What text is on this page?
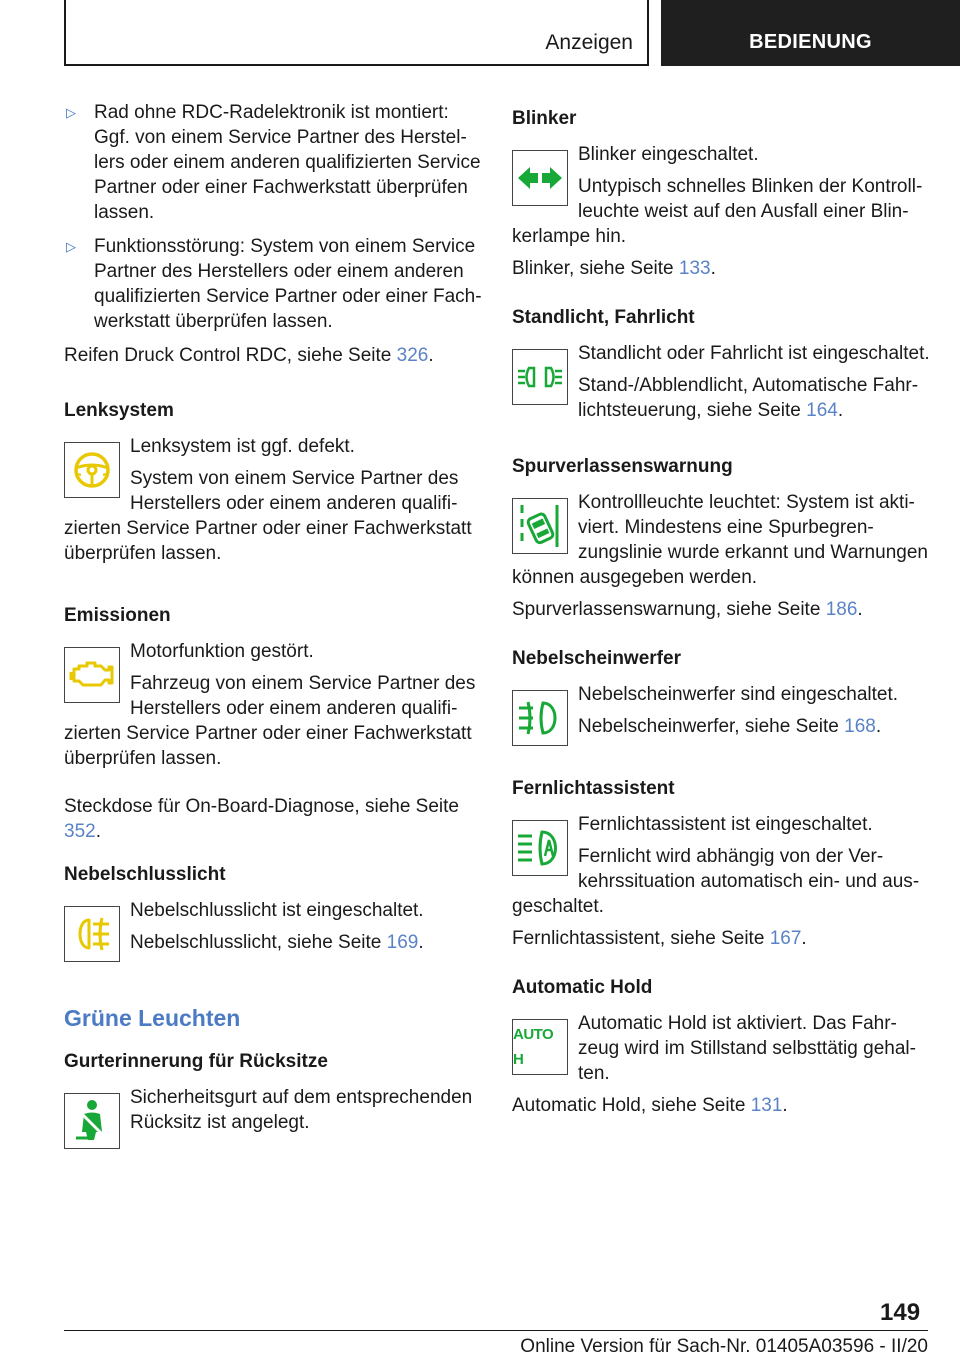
Anzeigen	BEDIENUNG
▷ Rad ohne RDC-Radelektronik ist montiert: Ggf. von einem Service Partner des Herstellers oder einem anderen qualifizierten Service Partner oder einer Fachwerkstatt überprüfen lassen.
▷ Funktionsstörung: System von einem Service Partner des Herstellers oder einem anderen qualifizierten Service Partner oder einer Fachwerkstatt überprüfen lassen.

Reifen Druck Control RDC, siehe Seite 326.

Lenksystem

Lenksystem ist ggf. defekt.

System von einem Service Partner des Herstellers oder einem anderen qualifizierten Service Partner oder einer Fachwerkstatt überprüfen lassen.

Emissionen

Motorfunktion gestört.

Fahrzeug von einem Service Partner des Herstellers oder einem anderen qualifizierten Service Partner oder einer Fachwerkstatt überprüfen lassen.

Steckdose für On-Board-Diagnose, siehe Seite 352.

Nebelschlusslicht

Nebelschlusslicht ist eingeschaltet.

Nebelschlusslicht, siehe Seite 169.

Grüne Leuchten
Gurterinnerung für Rücksitze

Sicherheitsgurt auf dem entsprechenden Rücksitz ist angelegt.

Blinker

Blinker eingeschaltet.

Untypisch schnelles Blinken der Kontrollleuchte weist auf den Ausfall einer Blinkerlampe hin.

Blinker, siehe Seite 133.

Standlicht, Fahrlicht

Standlicht oder Fahrlicht ist eingeschaltet.

Stand-/Abblendlicht, Automatische Fahrlichtsteuerung, siehe Seite 164.

Spurverlassenswarnung

Kontrollleuchte leuchtet: System ist aktiviert. Mindestens eine Spurbegrenzungslinie wurde erkannt und Warnungen können ausgegeben werden.

Spurverlassenswarnung, siehe Seite 186.

Nebelscheinwerfer

Nebelscheinwerfer sind eingeschaltet.

Nebelscheinwerfer, siehe Seite 168.

Fernlichtassistent

Fernlichtassistent ist eingeschaltet.

Fernlicht wird abhängig von der Verkehrssituation automatisch ein- und ausgeschaltet.

Fernlichtassistent, siehe Seite 167.

Automatic Hold
AUTO H

Automatic Hold ist aktiviert. Das Fahrzeug wird im Stillstand selbsttätig gehalten.

Automatic Hold, siehe Seite 131.

149
Online Version für Sach-Nr. 01405A03596 - II/20
